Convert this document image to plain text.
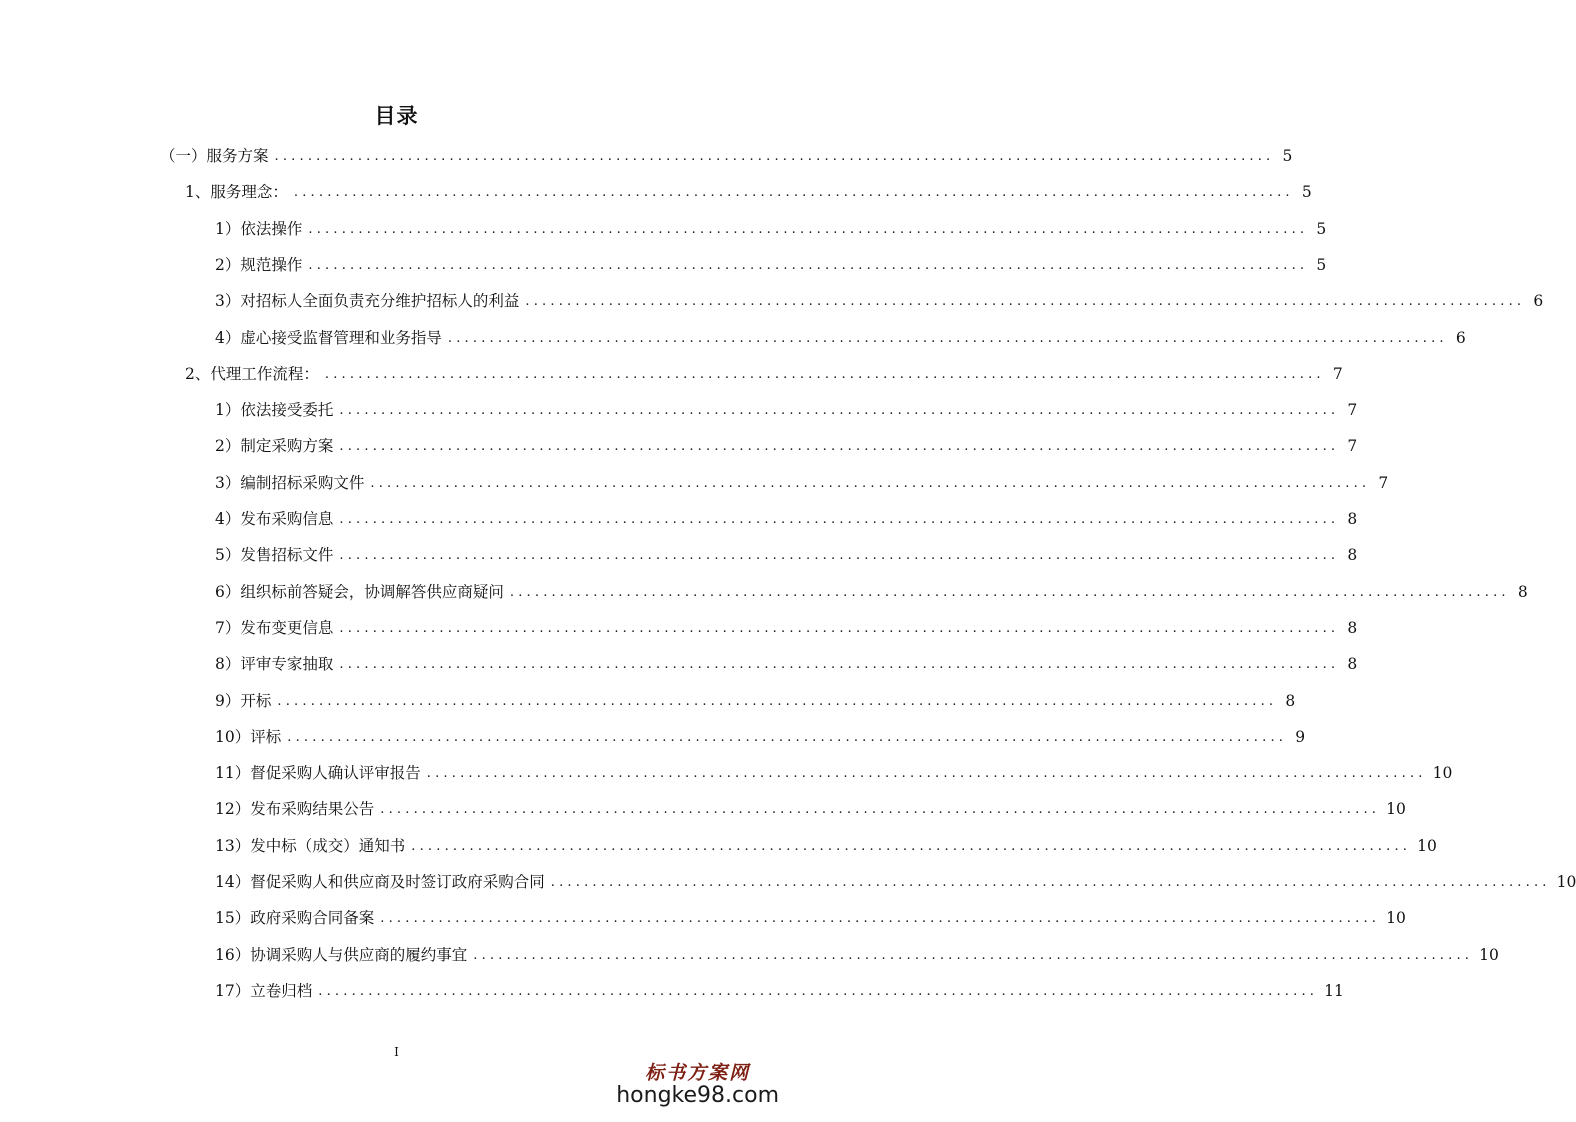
目录
（一）服务方案 ........................................................................................................................ 5
1、服务理念： ........................................................................................................................ 5
1）依法操作 ........................................................................................................................ 5
2）规范操作 ........................................................................................................................ 5
3）对招标人全面负责充分维护招标人的利益 ........................................................................................................................ 6
4）虚心接受监督管理和业务指导 ........................................................................................................................ 6
2、代理工作流程： ........................................................................................................................ 7
1）依法接受委托 ........................................................................................................................ 7
2）制定采购方案 ........................................................................................................................ 7
3）编制招标采购文件 ........................................................................................................................ 7
4）发布采购信息 ........................................................................................................................ 8
5）发售招标文件 ........................................................................................................................ 8
6）组织标前答疑会，协调解答供应商疑问 ........................................................................................................................ 8
7）发布变更信息 ........................................................................................................................ 8
8）评审专家抽取 ........................................................................................................................ 8
9）开标 ........................................................................................................................ 8
10）评标 ........................................................................................................................ 9
11）督促采购人确认评审报告 ........................................................................................................................ 10
12）发布采购结果公告 ........................................................................................................................ 10
13）发中标（成交）通知书 ........................................................................................................................ 10
14）督促采购人和供应商及时签订政府采购合同 ........................................................................................................................ 10
15）政府采购合同备案 ........................................................................................................................ 10
16）协调采购人与供应商的履约事宜 ........................................................................................................................ 10
17）立卷归档 ........................................................................................................................ 11
I
标书方案网
hongke98.com
